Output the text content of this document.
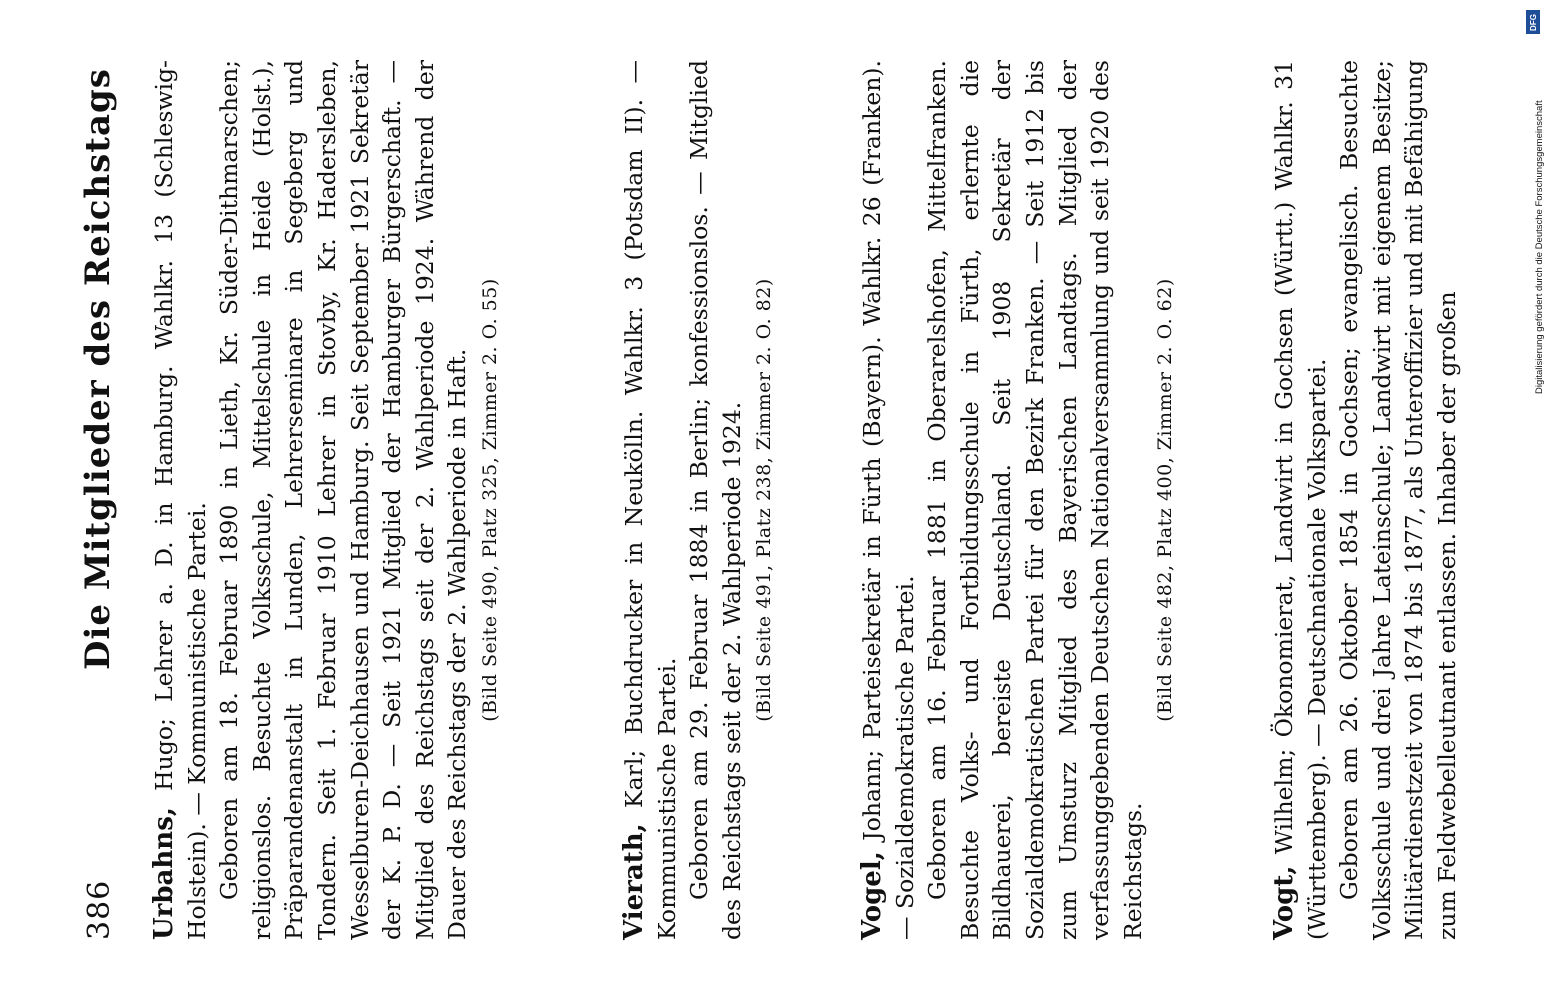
386
Die Mitglieder des Reichstags

Urbahns, Hugo; Lehrer a. D. in Hamburg. Wahlkr. 13 (Schleswig-Holstein). — Kommunistische Partei. Geboren am 18. Februar 1890 in Lieth, Kr. Süder-Dithmarschen; religionslos. Besuchte Volksschule, Mittelschule in Heide (Holst.), Präparandenanstalt in Lunden, Lehrerseminare in Segeberg und Tondern. Seit 1. Februar 1910 Lehrer in Stovby, Kr. Hadersleben, Wesselburen-Deichhausen und Hamburg. Seit September 1921 Sekretär der K. P. D. — Seit 1921 Mitglied der Hamburger Bürgerschaft. — Mitglied des Reichstags seit der 2. Wahlperiode 1924. Während der Dauer des Reichstags der 2. Wahlperiode in Haft. (Bild Seite 490, Platz 325, Zimmer 2. O. 55)

Vierath, Karl; Buchdrucker in Neukölln. Wahlkr. 3 (Potsdam II). — Kommunistische Partei. Geboren am 29. Februar 1884 in Berlin; konfessionslos. — Mitglied des Reichstags seit der 2. Wahlperiode 1924. (Bild Seite 491, Platz 238, Zimmer 2. O. 82)

Vogel, Johann; Parteisekretär in Fürth (Bayern). Wahlkr. 26 (Franken). — Sozialdemokratische Partei. Geboren am 16. Februar 1881 in Oberarelshofen, Mittelfranken. Besuchte Volks- und Fortbildungsschule in Fürth, erlernte die Bildhauerei, bereiste Deutschland. Seit 1908 Sekretär der Sozialdemokratischen Partei für den Bezirk Franken. — Seit 1912 bis zum Umsturz Mitglied des Bayerischen Landtags. Mitglied der verfassunggebenden Deutschen Nationalversammlung und seit 1920 des Reichstags.

(Bild Seite 482, Platz 400, Zimmer 2. O. 62)

Vogt, Wilhelm; Ökonomierat, Landwirt in Gochsen (Württ.) Wahlkr. 31 (Württemberg). — Deutschnationale Volkspartei. Geboren am 26. Oktober 1854 in Gochsen; evangelisch. Besuchte Volksschule und drei Jahre Lateinschule; Landwirt mit eigenem Besitze; Militärdienstzeit von 1874 bis 1877, als Unteroffizier und mit Befähigung zum Feldwebelleutnant entlassen. Inhaber der großen

DFG
Digitalisierung gefördert durch die Deutsche Forschungsgemeinschaft
